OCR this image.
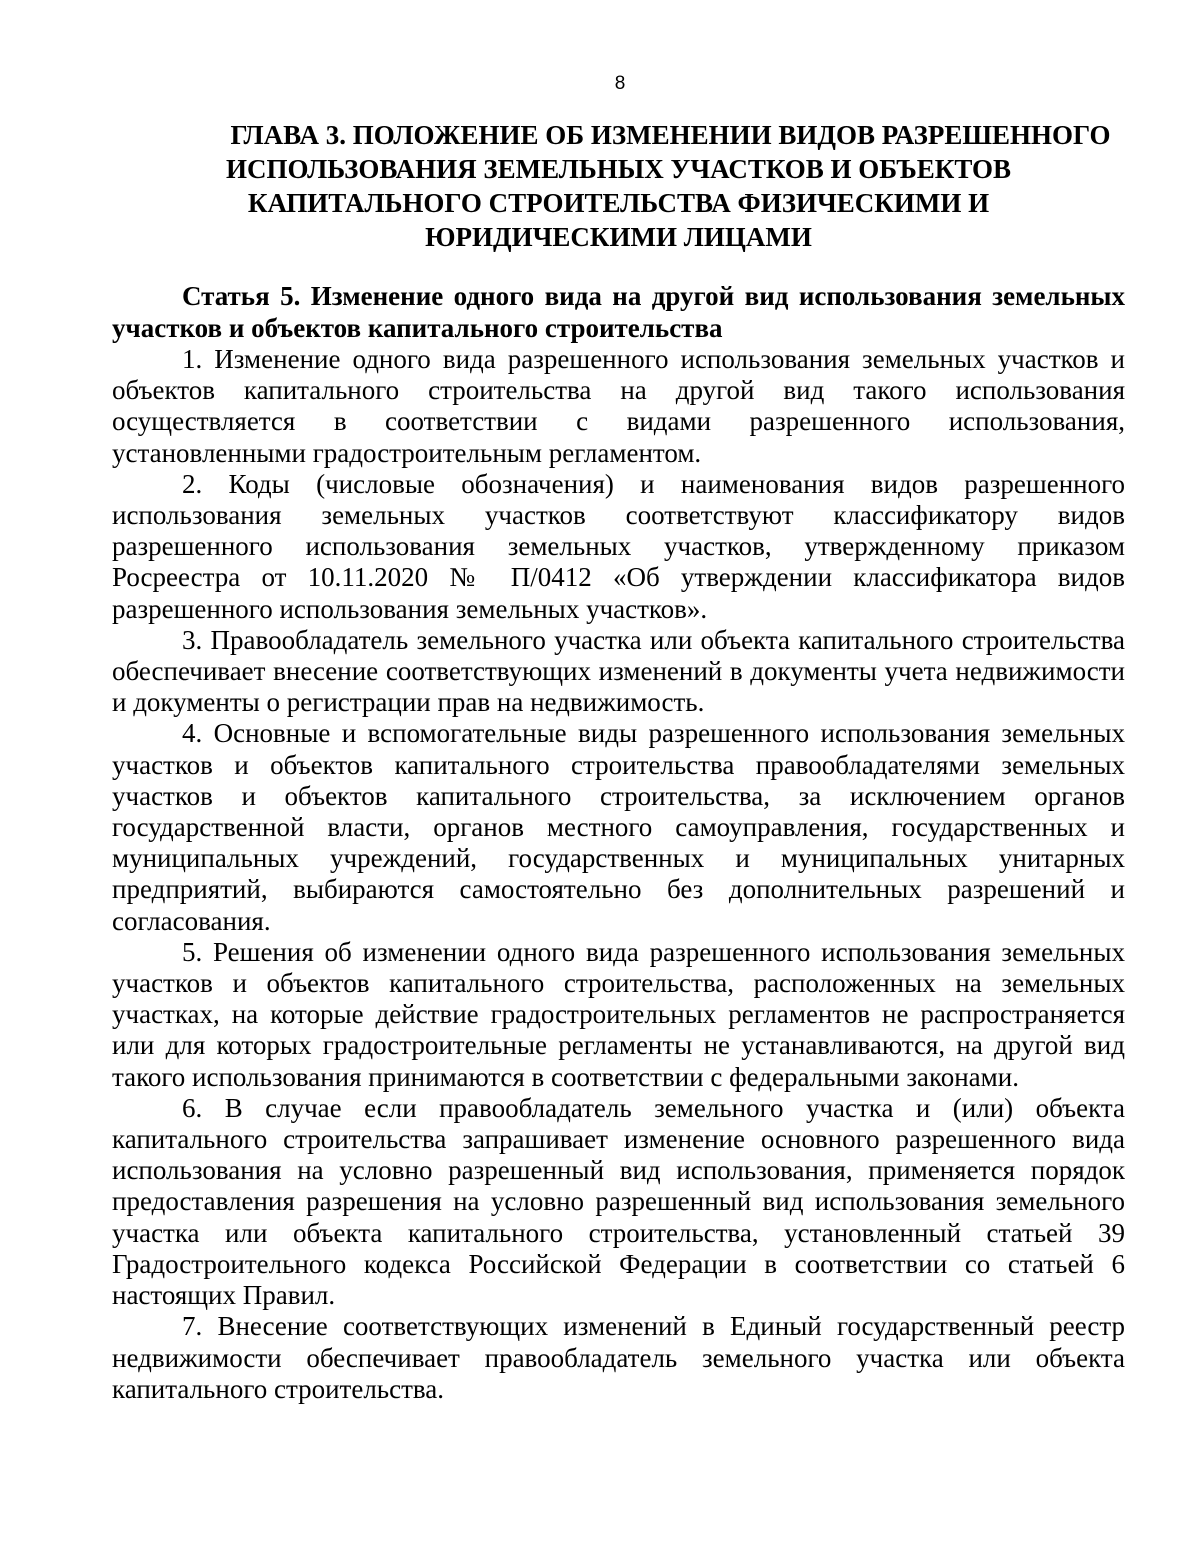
8
ГЛАВА 3. ПОЛОЖЕНИЕ ОБ ИЗМЕНЕНИИ ВИДОВ РАЗРЕШЕННОГО
ИСПОЛЬЗОВАНИЯ ЗЕМЕЛЬНЫХ УЧАСТКОВ И ОБЪЕКТОВ
КАПИТАЛЬНОГО СТРОИТЕЛЬСТВА ФИЗИЧЕСКИМИ И
ЮРИДИЧЕСКИМИ ЛИЦАМИ
Статья 5. Изменение одного вида на другой вид использования земельных участков и объектов капитального строительства

1. Изменение одного вида разрешенного использования земельных участков и объектов капитального строительства на другой вид такого использования осуществляется в соответствии с видами разрешенного использования, установленными градостроительным регламентом.

2. Коды (числовые обозначения) и наименования видов разрешенного использования земельных участков соответствуют классификатору видов разрешенного использования земельных участков, утвержденному приказом Росреестра от 10.11.2020 № П/0412 «Об утверждении классификатора видов разрешенного использования земельных участков».

3. Правообладатель земельного участка или объекта капитального строительства обеспечивает внесение соответствующих изменений в документы учета недвижимости и документы о регистрации прав на недвижимость.

4. Основные и вспомогательные виды разрешенного использования земельных участков и объектов капитального строительства правообладателями земельных участков и объектов капитального строительства, за исключением органов государственной власти, органов местного самоуправления, государственных и муниципальных учреждений, государственных и муниципальных унитарных предприятий, выбираются самостоятельно без дополнительных разрешений и согласования.

5. Решения об изменении одного вида разрешенного использования земельных участков и объектов капитального строительства, расположенных на земельных участках, на которые действие градостроительных регламентов не распространяется или для которых градостроительные регламенты не устанавливаются, на другой вид такого использования принимаются в соответствии с федеральными законами.

6. В случае если правообладатель земельного участка и (или) объекта капитального строительства запрашивает изменение основного разрешенного вида использования на условно разрешенный вид использования, применяется порядок предоставления разрешения на условно разрешенный вид использования земельного участка или объекта капитального строительства, установленный статьей 39 Градостроительного кодекса Российской Федерации в соответствии со статьей 6 настоящих Правил.

7. Внесение соответствующих изменений в Единый государственный реестр недвижимости обеспечивает правообладатель земельного участка или объекта капитального строительства.
